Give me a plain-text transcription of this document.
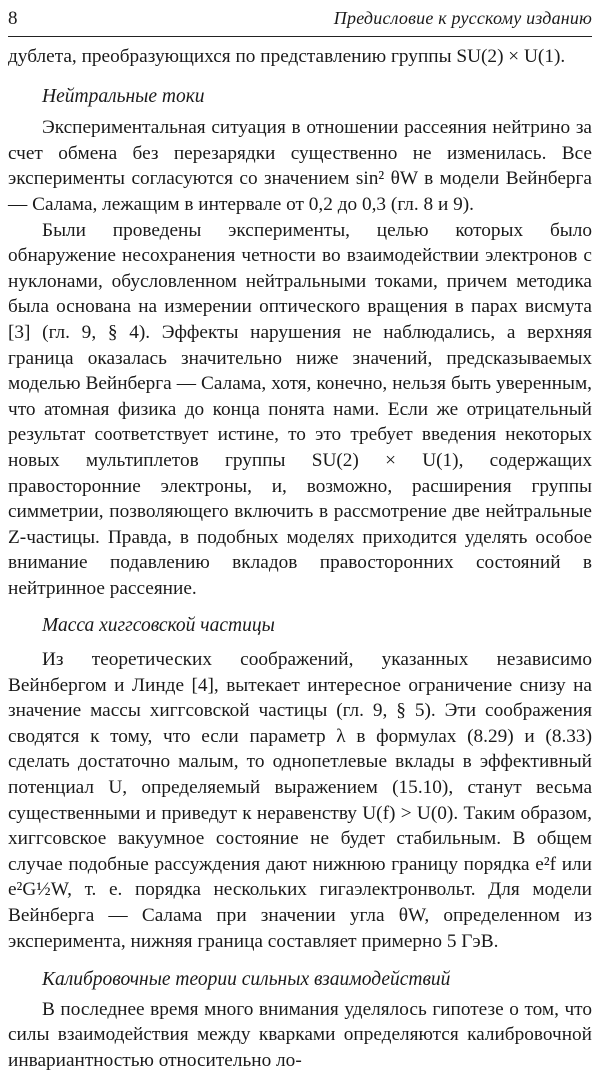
8	Предисловие к русскому изданию

дублета, преобразующихся по представлению группы SU(2) × U(1).

Нейтральные токи

Экспериментальная ситуация в отношении рассеяния нейтрино за счет обмена без перезарядки существенно не изменилась. Все эксперименты согласуются со значением sin² θW в модели Вейнберга — Салама, лежащим в интервале от 0,2 до 0,3 (гл. 8 и 9).

Были проведены эксперименты, целью которых было обнаружение несохранения четности во взаимодействии электронов с нуклонами, обусловленном нейтральными токами, причем методика была основана на измерении оптического вращения в парах висмута [3] (гл. 9, § 4). Эффекты нарушения не наблюдались, а верхняя граница оказалась значительно ниже значений, предсказываемых моделью Вейнберга — Салама, хотя, конечно, нельзя быть уверенным, что атомная физика до конца понята нами. Если же отрицательный результат соответствует истине, то это требует введения некоторых новых мультиплетов группы SU(2) × U(1), содержащих правосторонние электроны, и, возможно, расширения группы симметрии, позволяющего включить в рассмотрение две нейтральные Z-частицы. Правда, в подобных моделях приходится уделять особое внимание подавлению вкладов правосторонних состояний в нейтринное рассеяние.

Масса хиггсовской частицы

Из теоретических соображений, указанных независимо Вейнбергом и Линде [4], вытекает интересное ограничение снизу на значение массы хиггсовской частицы (гл. 9, § 5). Эти соображения сводятся к тому, что если параметр λ в формулах (8.29) и (8.33) сделать достаточно малым, то однопетлевые вклады в эффективный потенциал U, определяемый выражением (15.10), станут весьма существенными и приведут к неравенству U(f) > U(0). Таким образом, хиггсовское вакуумное состояние не будет стабильным. В общем случае подобные рассуждения дают нижнюю границу порядка e²f или e²G½W, т. е. порядка нескольких гигаэлектронвольт. Для модели Вейнберга — Салама при значении угла θW, определенном из эксперимента, нижняя граница составляет примерно 5 ГэВ.

Калибровочные теории сильных взаимодействий

В последнее время много внимания уделялось гипотезе о том, что силы взаимодействия между кварками определяются калибровочной инвариантностью относительно ло-
